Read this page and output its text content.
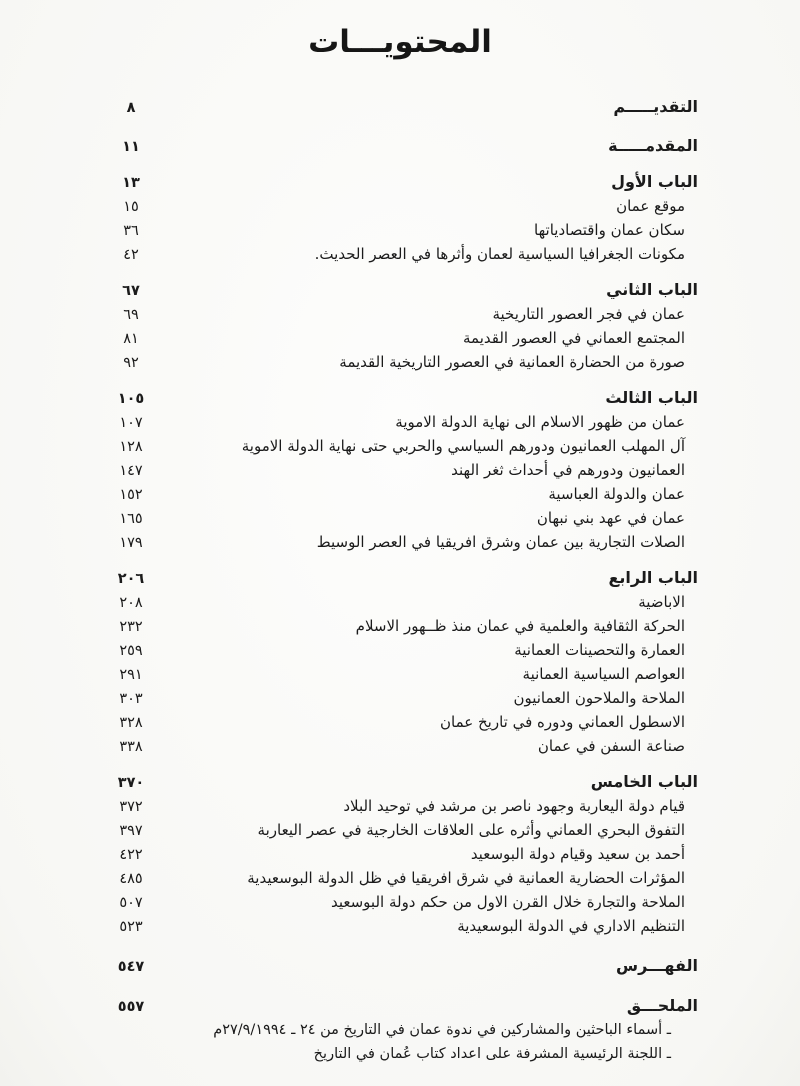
المحتويـــات
التقديـــــم
٨
المقدمـــــة
١١
الباب الأول
١٣
موقع عمان
١٥
سكان عمان واقتصادياتها
٣٦
مكونات الجغرافيا السياسية لعمان وأثرها في العصر الحديث.
٤٢
الباب الثاني
٦٧
عمان في فجر العصور التاريخية
٦٩
المجتمع العماني في العصور القديمة
٨١
صورة من الحضارة العمانية في العصور التاريخية القديمة
٩٢
الباب الثالث
١٠٥
عمان من ظهور الاسلام الى نهاية الدولة الاموية
١٠٧
آل المهلب العمانيون ودورهم السياسي والحربي حتى نهاية الدولة الاموية
١٢٨
العمانيون ودورهم في أحداث ثغر الهند
١٤٧
عمان والدولة العباسية
١٥٢
عمان في عهد بني نبهان
١٦٥
الصلات التجارية بين عمان وشرق افريقيا في العصر الوسيط
١٧٩
الباب الرابع
٢٠٦
الاباضية
٢٠٨
الحركة الثقافية والعلمية في عمان منذ ظــهور الاسلام
٢٣٢
العمارة والتحصينات العمانية
٢٥٩
العواصم السياسية العمانية
٢٩١
الملاحة والملاحون العمانيون
٣٠٣
الاسطول العماني ودوره في تاريخ عمان
٣٢٨
صناعة السفن في عمان
٣٣٨
الباب الخامس
٣٧٠
قيام دولة اليعاربة وجهود ناصر بن مرشد في توحيد البلاد
٣٧٢
التفوق البحري العماني وأثره على العلاقات الخارجية في عصر اليعاربة
٣٩٧
أحمد بن سعيد وقيام دولة البوسعيد
٤٢٢
المؤثرات الحضارية العمانية في شرق افريقيا في ظل الدولة البوسعيدية
٤٨٥
الملاحة والتجارة خلال القرن الاول من حكم دولة البوسعيد
٥٠٧
التنظيم الاداري في الدولة البوسعيدية
٥٢٣
الفهـــرس
٥٤٧
الملحـــق
٥٥٧
ـ أسماء الباحثين والمشاركين في ندوة عمان في التاريخ من ٢٤ ـ ٢٧/٩/١٩٩٤م
ـ اللجنة الرئيسية المشرفة على اعداد كتاب عُمان في التاريخ
